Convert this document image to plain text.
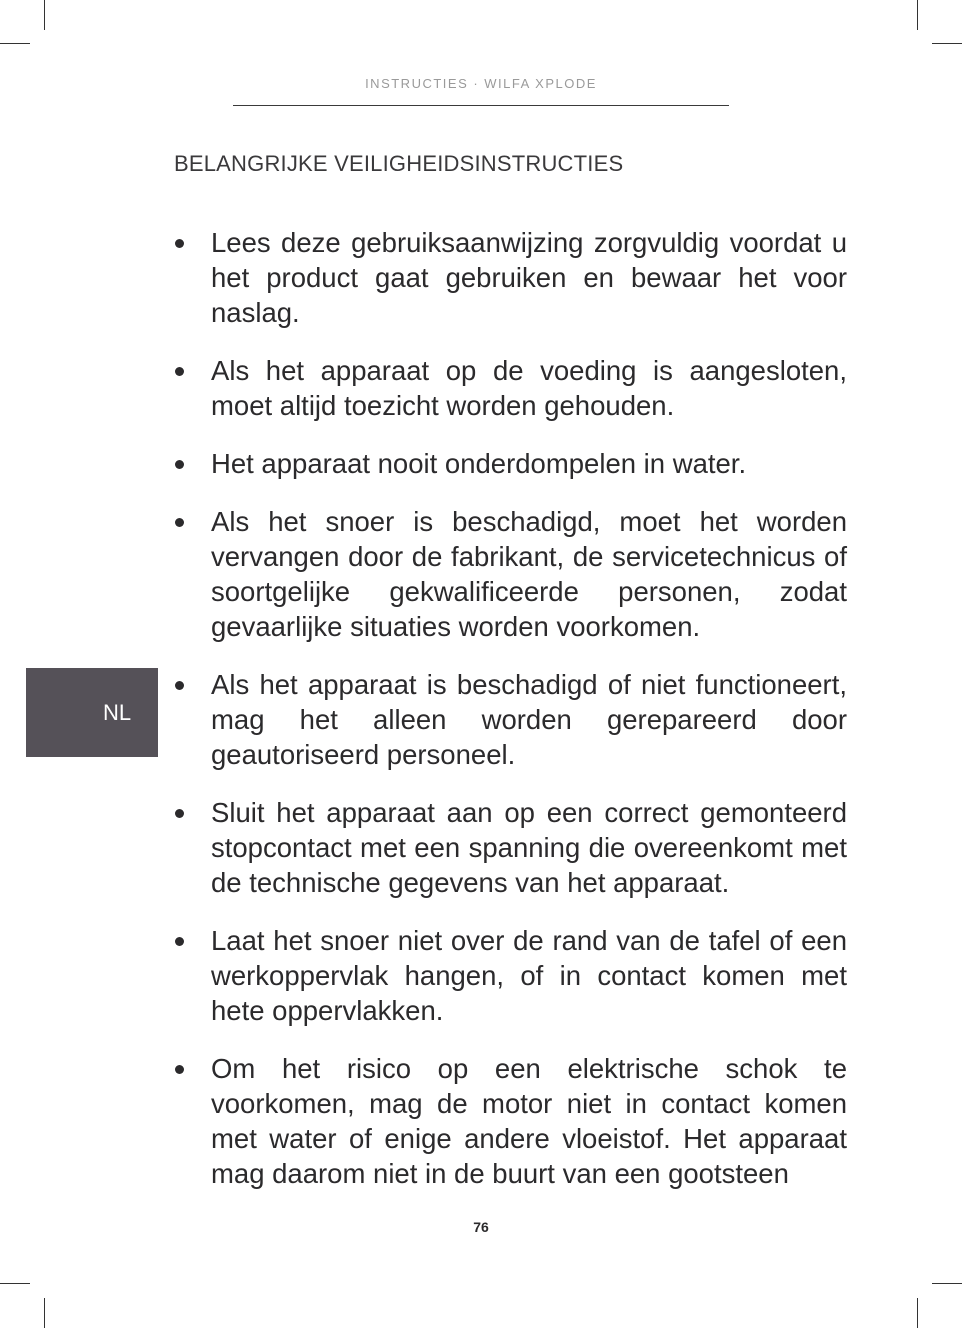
INSTRUCTIES · WILFA XPLODE
BELANGRIJKE VEILIGHEIDSINSTRUCTIES
Lees deze gebruiksaanwijzing zorgvuldig voordat u het product gaat gebruiken en bewaar het voor naslag.
Als het apparaat op de voeding is aangesloten, moet altijd toezicht worden gehouden.
Het apparaat nooit onderdompelen in water.
Als het snoer is beschadigd, moet het worden vervangen door de fabrikant, de servicetechnicus of soortgelijke gekwalificeerde personen, zodat gevaarlijke situaties worden voorkomen.
Als het apparaat is beschadigd of niet functioneert, mag het alleen worden gerepareerd door geautoriseerd personeel.
Sluit het apparaat aan op een correct gemonteerd stopcontact met een spanning die overeenkomt met de technische gegevens van het apparaat.
Laat het snoer niet over de rand van de tafel of een werkoppervlak hangen, of in contact komen met hete oppervlakken.
Om het risico op een elektrische schok te voorkomen, mag de motor niet in contact komen met water of enige andere vloeistof. Het apparaat mag daarom niet in de buurt van een gootsteen
NL
76
